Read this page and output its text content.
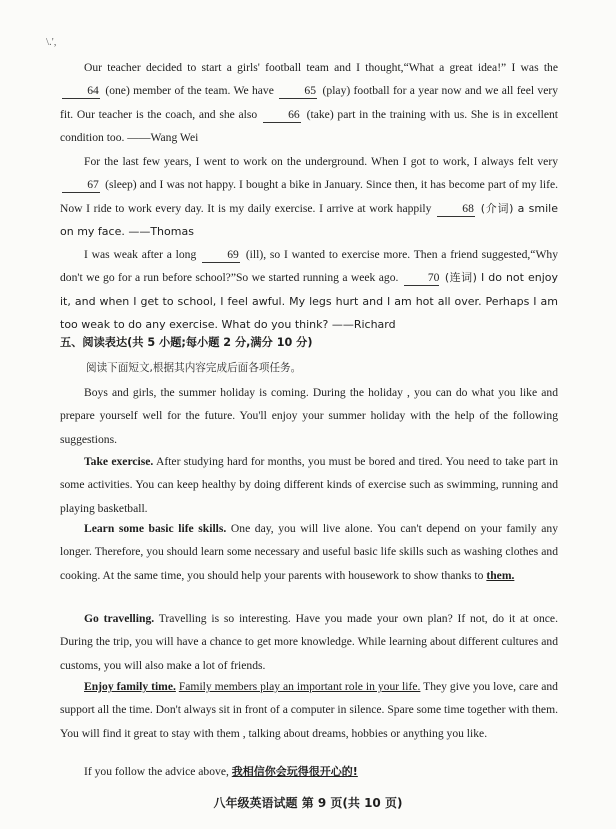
\.',
Our teacher decided to start a girls' football team and I thought,“What a great idea!” I was the 64 (one) member of the team. We have	65 (play) football for a year now and we all feel very fit. Our teacher is the coach, and she also	66 (take) part in the training with us. She is in excellent condition too. ——Wang Wei
For the last few years, I went to work on the underground. When I got to work, I always felt very 67 (sleep) and I was not happy. I bought a bike in January. Since then, it has become part of my life. Now I ride to work every day. It is my daily exercise. I arrive at work happily	68 (介词) a smile on my face. ——Thomas
I was weak after a long	69 (ill), so I wanted to exercise more. Then a friend suggested,“Why don't we go for a run before school?”So we started running a week ago.	70 (连词) I do not enjoy it, and when I get to school, I feel awful. My legs hurt and I am hot all over. Perhaps I am too weak to do any exercise. What do you think? ——Richard
五、阅读表达(共 5 小题;每小题 2 分,满分 10 分)
阅读下面短文,根据其内容完成后面各项任务。
Boys and girls, the summer holiday is coming. During the holiday , you can do what you like and prepare yourself well for the future. You'll enjoy your summer holiday with the help of the following suggestions.
Take exercise. After studying hard for months, you must be bored and tired. You need to take part in some activities. You can keep healthy by doing different kinds of exercise such as swimming, running and playing basketball.
Learn some basic life skills. One day, you will live alone. You can't depend on your family any longer. Therefore, you should learn some necessary and useful basic life skills such as washing clothes and cooking. At the same time, you should help your parents with housework to show thanks to them.
Go travelling. Travelling is so interesting. Have you made your own plan? If not, do it at once. During the trip, you will have a chance to get more knowledge. While learning about different cultures and customs, you will also make a lot of friends.
Enjoy family time. Family members play an important role in your life. They give you love, care and support all the time. Don't always sit in front of a computer in silence. Spare some time together with them. You will find it great to stay with them , talking about dreams, hobbies or anything you like.
If you follow the advice above, 我相信你会玩得很开心的!
八年级英语试题 第 9 页(共 10 页)
